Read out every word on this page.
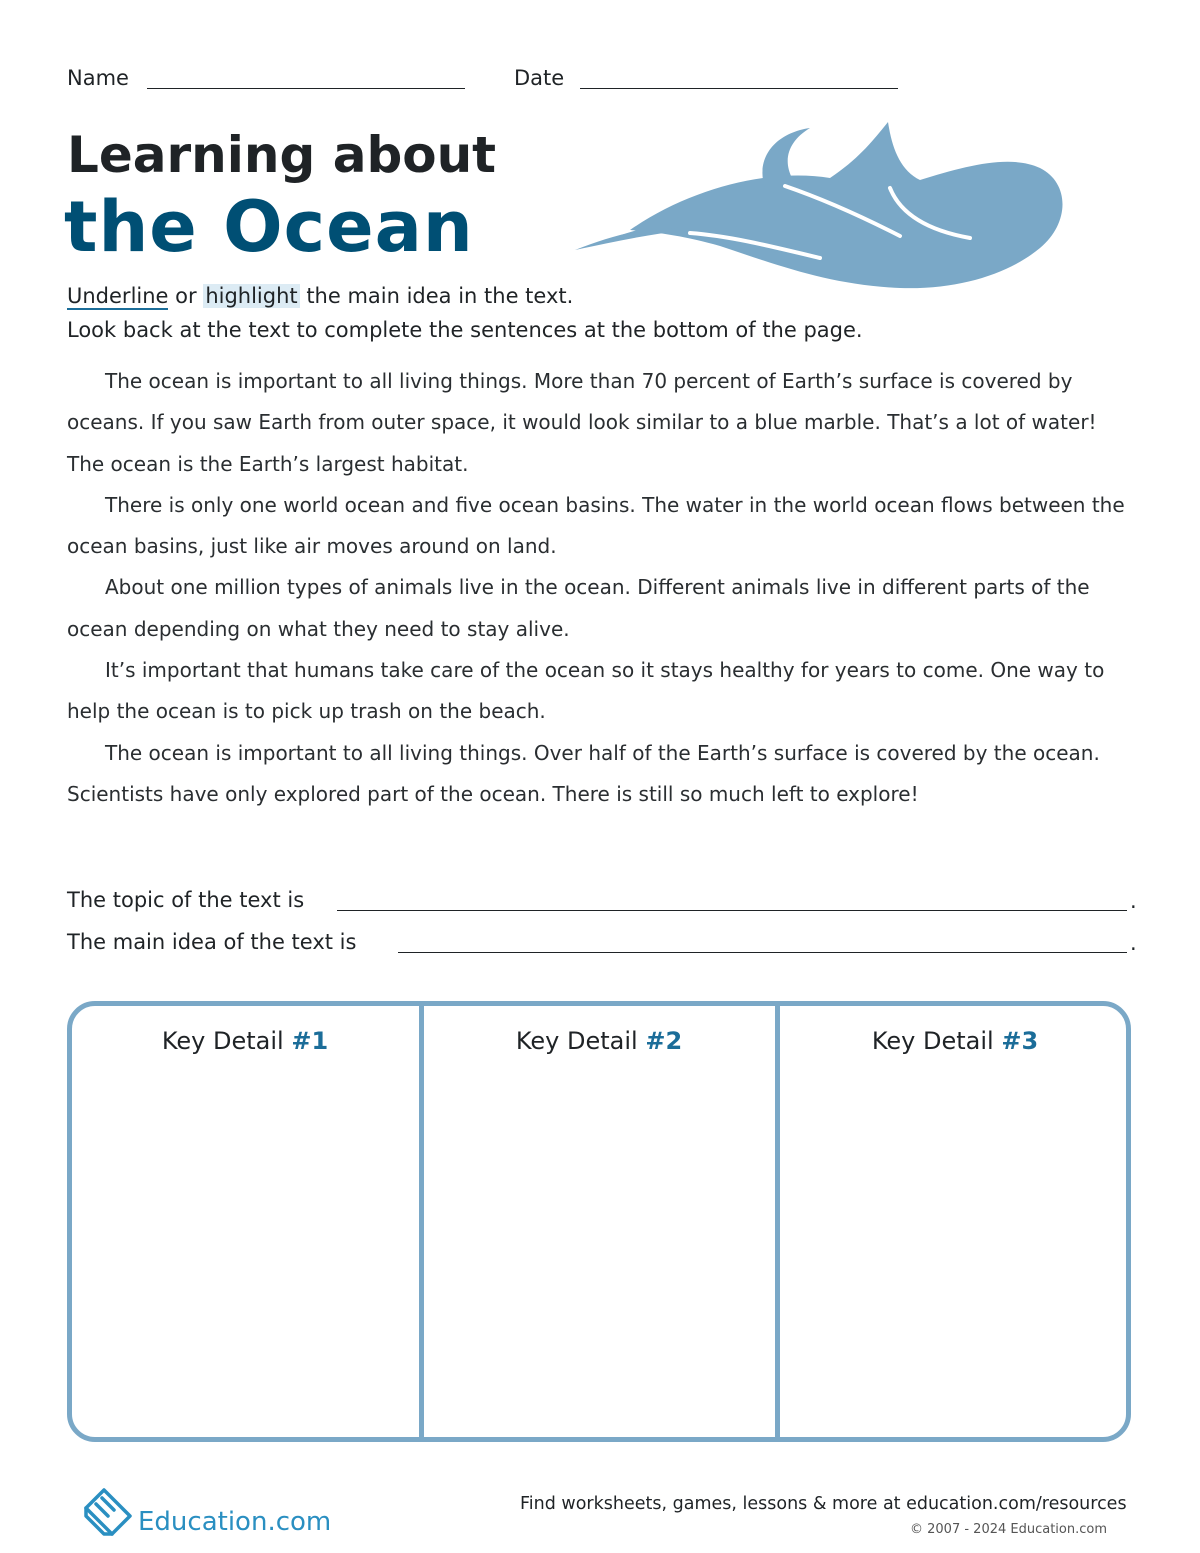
Name	Date
Learning about
the Ocean
Underline or highlight the main idea in the text.
Look back at the text to complete the sentences at the bottom of the page.

The ocean is important to all living things. More than 70 percent of Earth’s surface is covered by oceans. If you saw Earth from outer space, it would look similar to a blue marble. That’s a lot of water! The ocean is the Earth’s largest habitat.

There is only one world ocean and five ocean basins. The water in the world ocean flows between the ocean basins, just like air moves around on land.

About one million types of animals live in the ocean. Different animals live in different parts of the ocean depending on what they need to stay alive.

It’s important that humans take care of the ocean so it stays healthy for years to come. One way to help the ocean is to pick up trash on the beach.

The ocean is important to all living things. Over half of the Earth’s surface is covered by the ocean. Scientists have only explored part of the ocean. There is still so much left to explore!

The topic of the text is	.
The main idea of the text is	.
Key Detail #1	Key Detail #2	Key Detail #3
Education.com
Find worksheets, games, lessons & more at education.com/resources
© 2007 - 2024 Education.com
